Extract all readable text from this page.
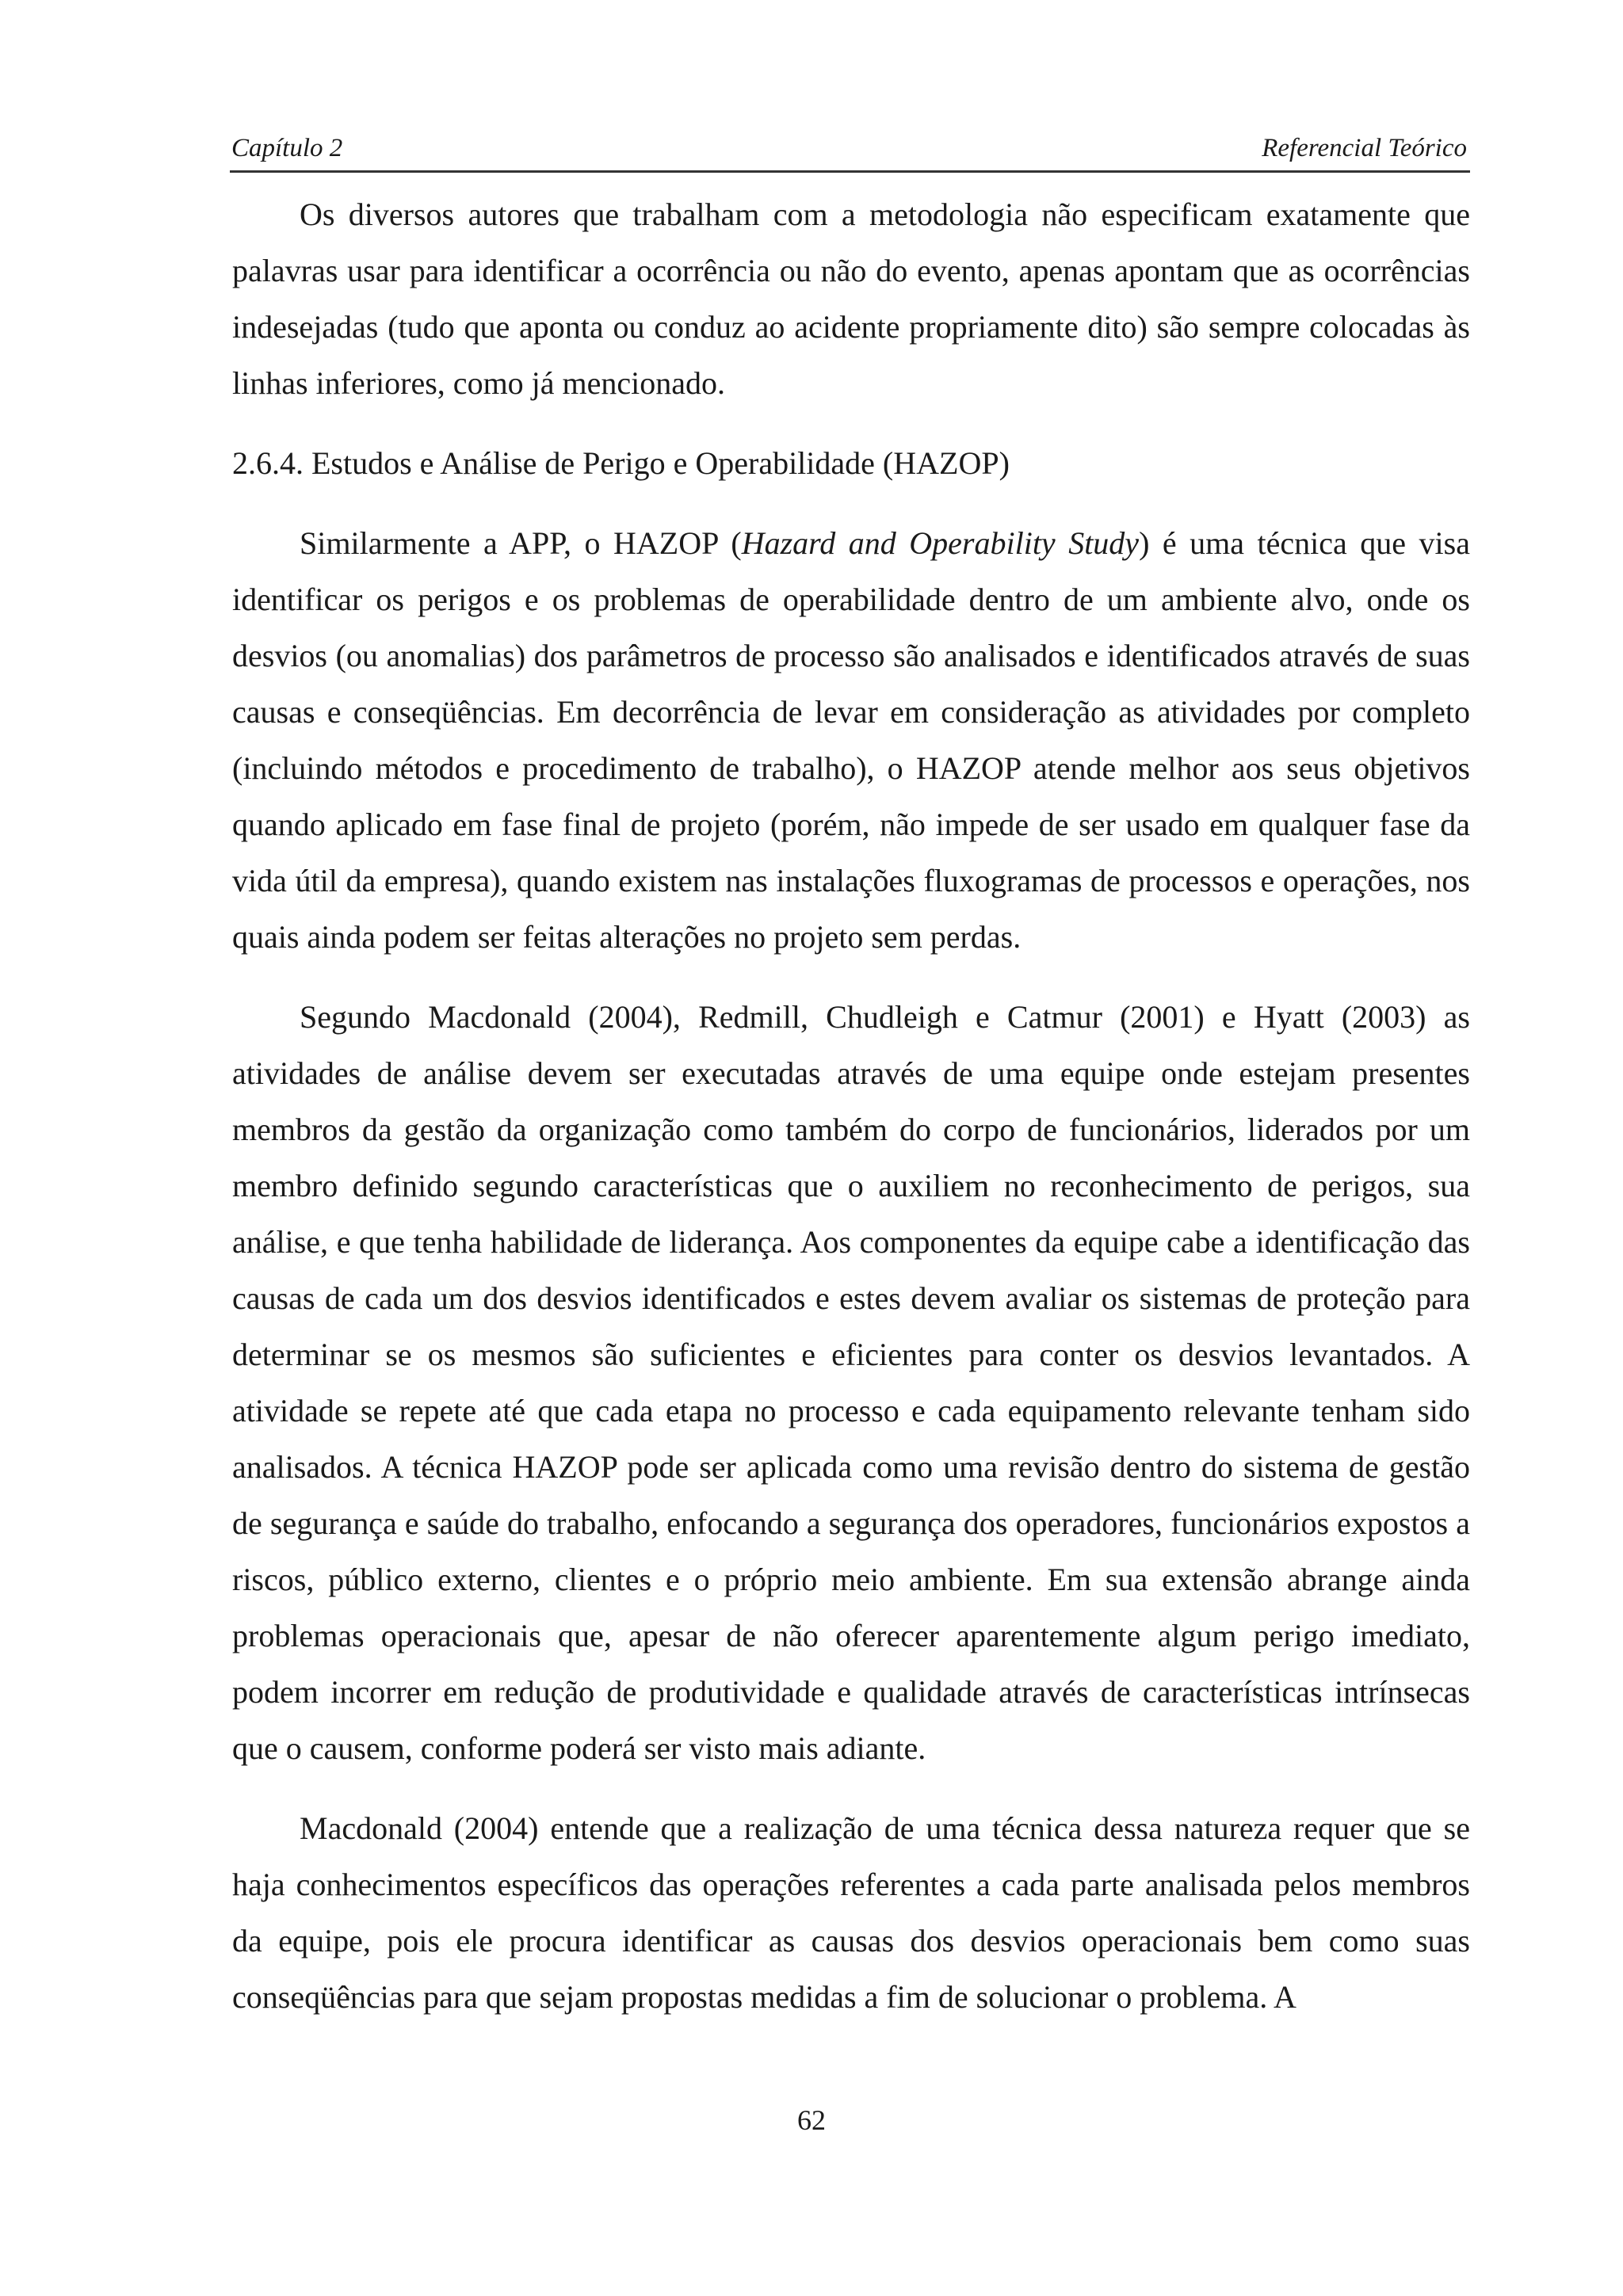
Capítulo 2	Referencial Teórico

Os diversos autores que trabalham com a metodologia não especificam exatamente que palavras usar para identificar a ocorrência ou não do evento, apenas apontam que as ocorrências indesejadas (tudo que aponta ou conduz ao acidente propriamente dito) são sempre colocadas às linhas inferiores, como já mencionado.

2.6.4. Estudos e Análise de Perigo e Operabilidade (HAZOP)

Similarmente a APP, o HAZOP (Hazard and Operability Study) é uma técnica que visa identificar os perigos e os problemas de operabilidade dentro de um ambiente alvo, onde os desvios (ou anomalias) dos parâmetros de processo são analisados e identificados através de suas causas e conseqüências. Em decorrência de levar em consideração as atividades por completo (incluindo métodos e procedimento de trabalho), o HAZOP atende melhor aos seus objetivos quando aplicado em fase final de projeto (porém, não impede de ser usado em qualquer fase da vida útil da empresa), quando existem nas instalações fluxogramas de processos e operações, nos quais ainda podem ser feitas alterações no projeto sem perdas.

Segundo Macdonald (2004), Redmill, Chudleigh e Catmur (2001) e Hyatt (2003) as atividades de análise devem ser executadas através de uma equipe onde estejam presentes membros da gestão da organização como também do corpo de funcionários, liderados por um membro definido segundo características que o auxiliem no reconhecimento de perigos, sua análise, e que tenha habilidade de liderança. Aos componentes da equipe cabe a identificação das causas de cada um dos desvios identificados e estes devem avaliar os sistemas de proteção para determinar se os mesmos são suficientes e eficientes para conter os desvios levantados. A atividade se repete até que cada etapa no processo e cada equipamento relevante tenham sido analisados. A técnica HAZOP pode ser aplicada como uma revisão dentro do sistema de gestão de segurança e saúde do trabalho, enfocando a segurança dos operadores, funcionários expostos a riscos, público externo, clientes e o próprio meio ambiente. Em sua extensão abrange ainda problemas operacionais que, apesar de não oferecer aparentemente algum perigo imediato, podem incorrer em redução de produtividade e qualidade através de características intrínsecas que o causem, conforme poderá ser visto mais adiante.

Macdonald (2004) entende que a realização de uma técnica dessa natureza requer que se haja conhecimentos específicos das operações referentes a cada parte analisada pelos membros da equipe, pois ele procura identificar as causas dos desvios operacionais bem como suas conseqüências para que sejam propostas medidas a fim de solucionar o problema. A

62
